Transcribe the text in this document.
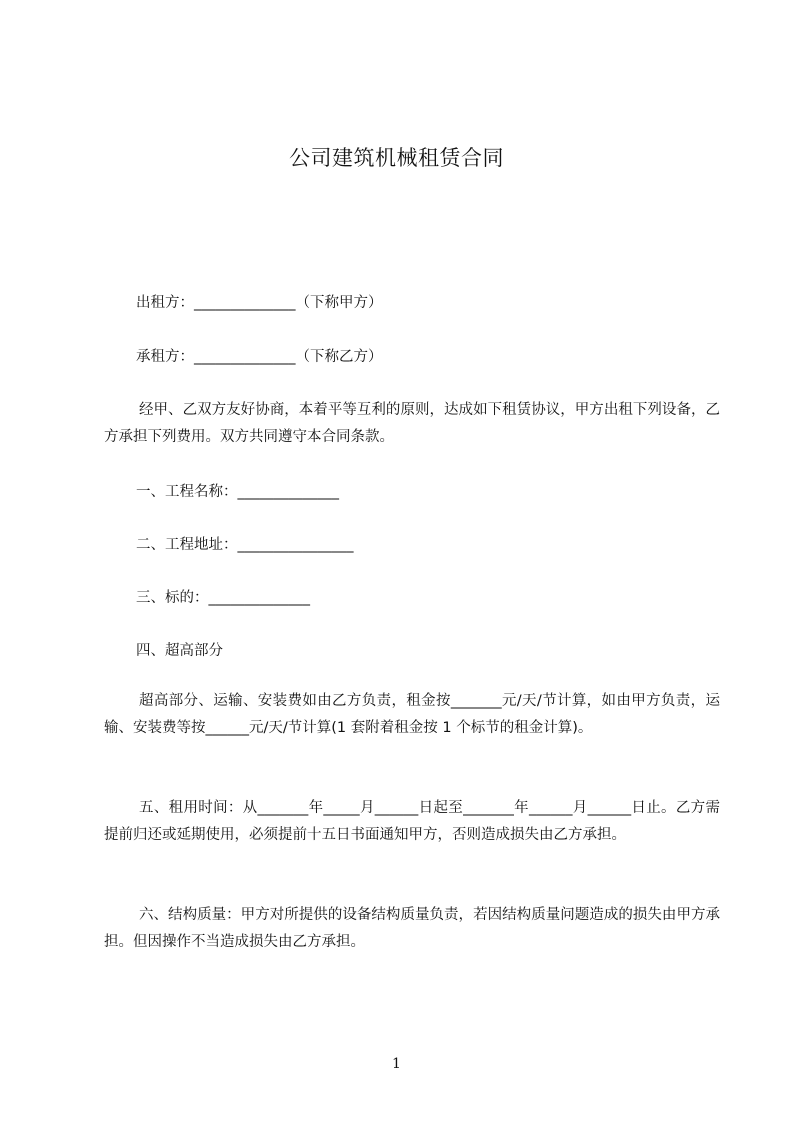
公司建筑机械租赁合同
出租方：______________（下称甲方）
承租方：______________（下称乙方）
经甲、乙双方友好协商，本着平等互利的原则，达成如下租赁协议，甲方出租下列设备，乙方承担下列费用。双方共同遵守本合同条款。
一、工程名称：______________
二、工程地址：________________
三、标的：______________
四、超高部分
超高部分、运输、安装费如由乙方负责，租金按_______元/天/节计算，如由甲方负责，运输、安装费等按______元/天/节计算(1 套附着租金按 1 个标节的租金计算)。
五、租用时间：从_______年_____月______日起至_______年______月______日止。乙方需提前归还或延期使用，必须提前十五日书面通知甲方，否则造成损失由乙方承担。
六、结构质量：甲方对所提供的设备结构质量负责，若因结构质量问题造成的损失由甲方承担。但因操作不当造成损失由乙方承担。
1
